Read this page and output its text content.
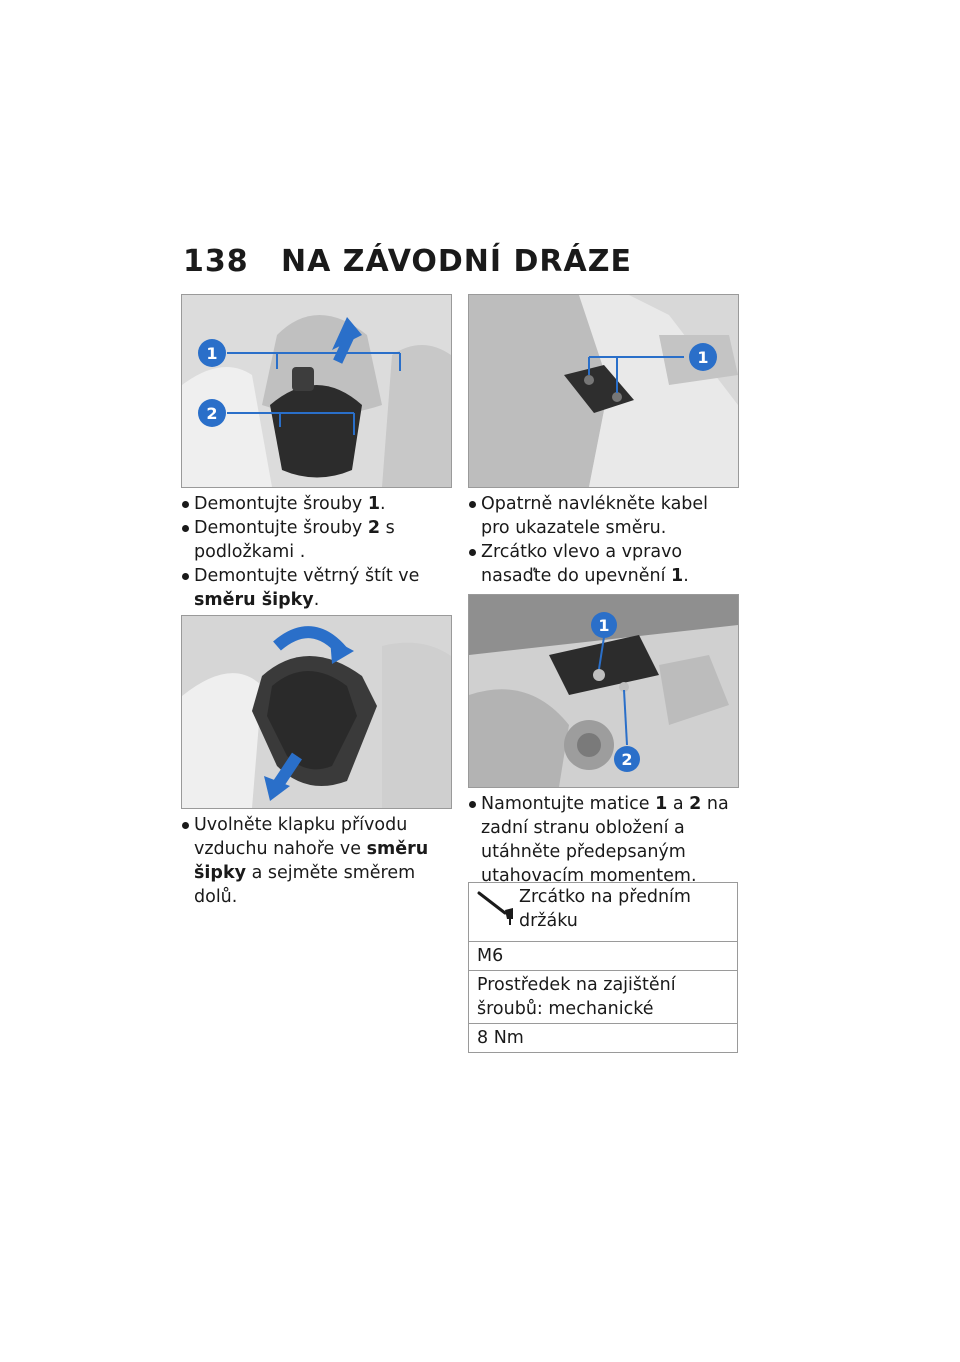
138	NA ZÁVODNÍ DRÁZE
1
2
Demontujte šrouby 1.
Demontujte šrouby 2 s podložkami .
Demontujte větrný štít ve směru šipky.
Uvolněte klapku přívodu vzduchu nahoře ve směru šipky a sejměte směrem dolů.
1
Opatrně navlékněte kabel pro ukazatele směru.
Zrcátko vlevo a vpravo nasaďte do upevnění 1.
1
2
Namontujte matice 1 a 2 na zadní stranu obložení a utáhněte předepsaným utahovacím momentem.
Zrcátko na předním držáku
M6
Prostředek na zajištění šroubů: mechanické
8 Nm
